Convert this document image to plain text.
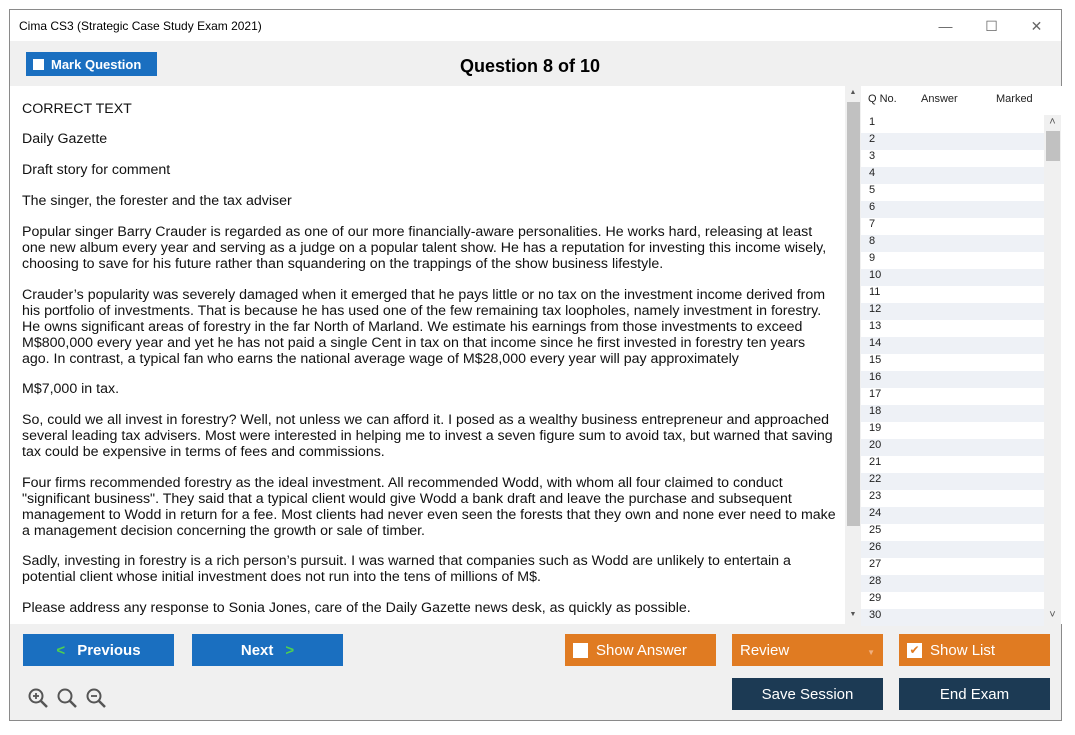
Cima CS3 (Strategic Case Study Exam 2021)	—	☐	✕
Mark Question	Question 8 of 10

CORRECT TEXT

Daily Gazette

Draft story for comment

The singer, the forester and the tax adviser

Popular singer Barry Crauder is regarded as one of our more financially-aware personalities. He works hard, releasing at least one new album every year and serving as a judge on a popular talent show. He has a reputation for investing this income wisely, choosing to save for his future rather than squandering on the trappings of the show business lifestyle.

Crauder’s popularity was severely damaged when it emerged that he pays little or no tax on the investment income derived from his portfolio of investments. That is because he has used one of the few remaining tax loopholes, namely investment in forestry. He owns significant areas of forestry in the far North of Marland. We estimate his earnings from those investments to exceed M$800,000 every year and yet he has not paid a single Cent in tax on that income since he first invested in forestry ten years ago. In contrast, a typical fan who earns the national average wage of M$28,000 every year will pay approximately

M$7,000 in tax.

So, could we all invest in forestry? Well, not unless we can afford it. I posed as a wealthy business entrepreneur and approached several leading tax advisers. Most were interested in helping me to invest a seven figure sum to avoid tax, but warned that saving tax could be expensive in terms of fees and commissions.

Four firms recommended forestry as the ideal investment. All recommended Wodd, with whom all four claimed to conduct "significant business". They said that a typical client would give Wodd a bank draft and leave the purchase and subsequent management to Wodd in return for a fee. Most clients had never even seen the forests that they own and none ever need to make a management decision concerning the growth or sale of timber.

Sadly, investing in forestry is a rich person’s pursuit. I was warned that companies such as Wodd are unlikely to entertain a potential client whose initial investment does not run into the tens of millions of M$.

Please address any response to Sonia Jones, care of the Daily Gazette news desk, as quickly as possible.

▲
▼
Q No. Answer	Marked
1
2
3
4
5
6
7
8
9
10
11
12
13
14
15
16
17
18
19
20
21
22
23
24
25
26
27
28
29
30
˄
˅
< Previous	Next >	Show Answer	Review	▼	✔ Show List
Save Session	End Exam
